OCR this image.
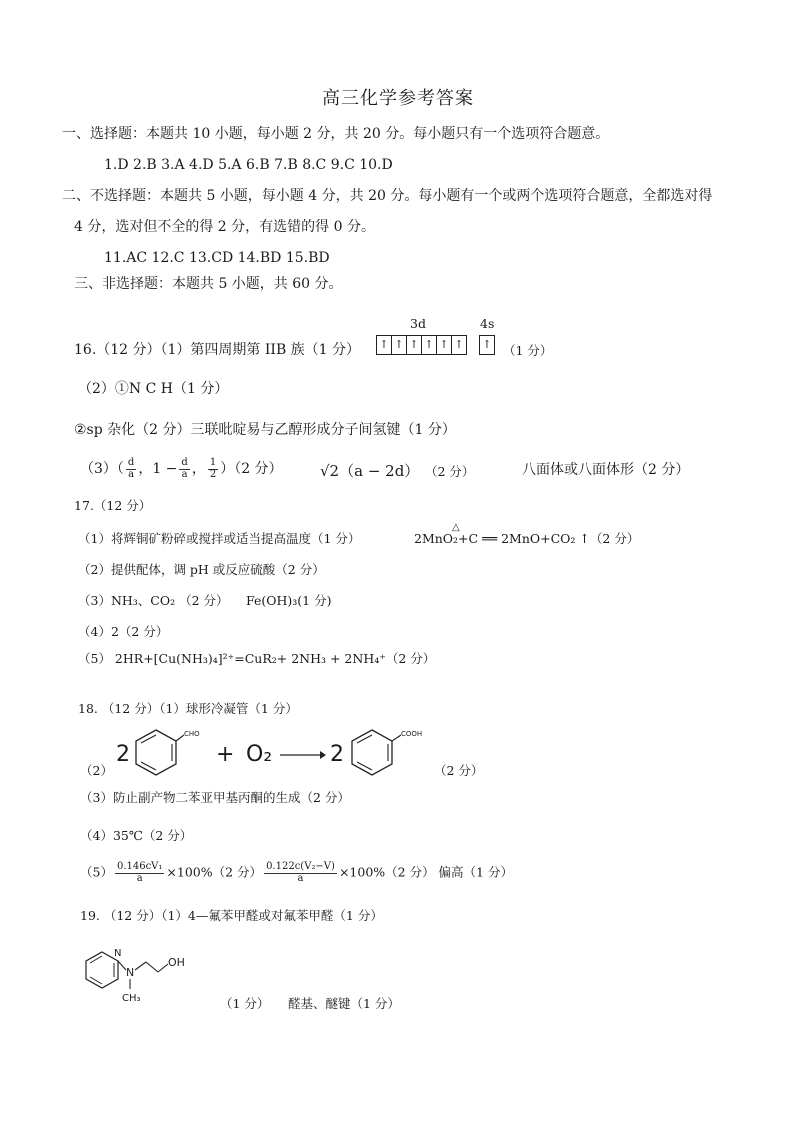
高三化学参考答案
一、选择题：本题共 10 小题，每小题 2 分，共 20 分。每小题只有一个选项符合题意。
1.D 2.B 3.A 4.D 5.A 6.B 7.B 8.C 9.C 10.D
二、不选择题：本题共 5 小题，每小题 4 分，共 20 分。每小题有一个或两个选项符合题意，全都选对得
4 分，选对但不全的得 2 分，有选错的得 0 分。
11.AC 12.C 13.CD 14.BD 15.BD
三、非选择题：本题共 5 小题，共 60 分。
16.（12 分）（1）第四周期第 IIB 族（1 分）
3d
↑ ↑ ↑ ↑ ↑ ↑
4s
↑ （1 分）
（2）①N C H（1 分）
②sp 杂化（2 分）三联吡啶易与乙醇形成分子间氢键（1 分）
$(3)( \frac{d}{a}$ ，$1 - \frac{d}{a}$ ， $\frac{1}{2} )(2$ 分） √2（a − 2d） （2 分）	八面体或八面体形（2 分）
17.（12 分）
（1）将辉铜矿粉碎或搅拌或适当提高温度（1 分）
△
2MnO₂+C ══ 2MnO+CO₂ ↑（2 分）
（2）提供配体，调 pH 或反应硫酸（2 分）
（3）NH₃、CO₂ （2 分） Fe(OH)₃(1 分)
（4）2（2 分）
（5） 2HR+[Cu(NH₃)₄]²⁺=CuR₂+ 2NH₃ + 2NH₄⁺（2 分）
18. （12 分）（1）球形冷凝管（1 分）
（2）
2
CHO
+ O₂ → 2
COOH
（2 分）
（3）防止副产物二苯亚甲基丙酮的生成（2 分）
（4）35℃（2 分）
$(5) \frac{\text{0.146cV₁}}{a} \times 100\%(2$ 分） $\frac{\text{0.122c(V₂−V)}}{a} \times 100\%(2$ 分） 偏高（1 分）
19. （12 分）（1）4—氟苯甲醛或对氟苯甲醛（1 分）
N
N
OH
CH₃	（1 分） 醛基、醚键（1 分）
